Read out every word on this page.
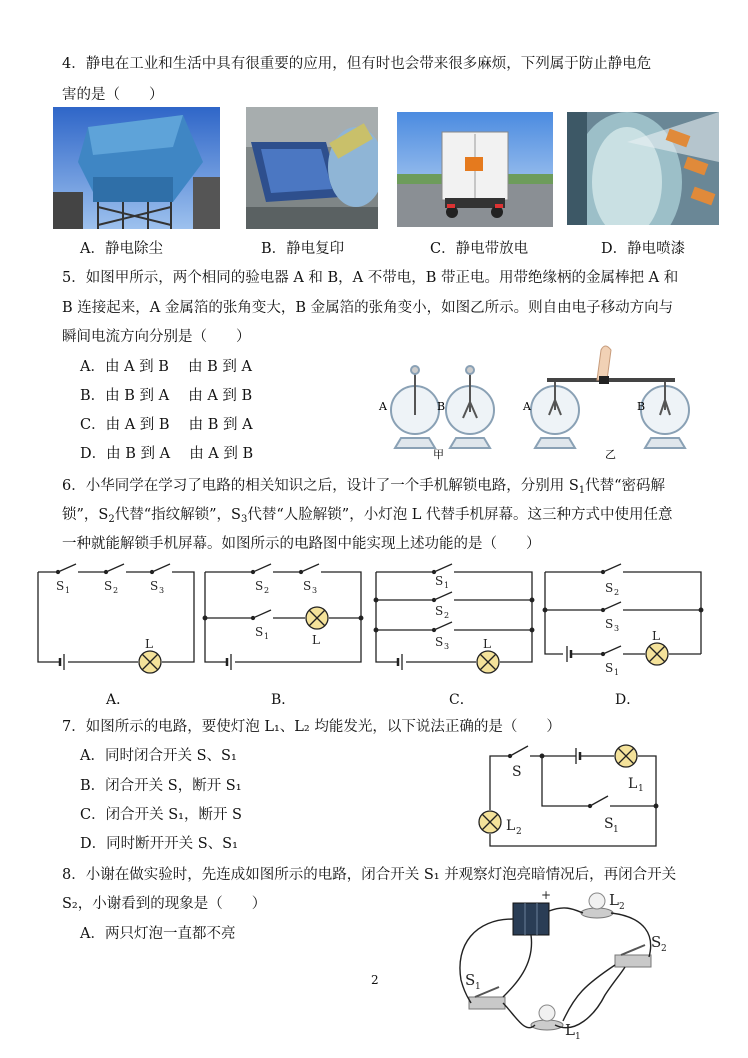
4．静电在工业和生活中具有很重要的应用，但有时也会带来很多麻烦，下列属于防止静电危
害的是（　　）
A．静电除尘	B．静电复印	C．静电带放电	D．静电喷漆
5．如图甲所示，两个相同的验电器 A 和 B，A 不带电，B 带正电。用带绝缘柄的金属棒把 A 和
B 连接起来，A 金属箔的张角变大，B 金属箔的张角变小，如图乙所示。则自由电子移动方向与
瞬间电流方向分别是（　　）
A．由 A 到 B　 由 B 到 A
B．由 B 到 A　 由 A 到 B
C．由 A 到 B　 由 B 到 A
D．由 B 到 A　 由 A 到 B
A	B
甲
A	B
乙
6．小华同学在学习了电路的相关知识之后，设计了一个手机解锁电路，分别用 $S_1$代替“密码解
锁”，$S_2$代替“指纹解锁”，$S_3$代替“人脸解锁”，小灯泡 L 代替手机屏幕。这三种方式中使用任意
一种就能解锁手机屏幕。如图所示的电路图中能实现上述功能的是（　　）
S 1	S 2	S 3
L
S 2	S 3
S 1	L
S 1
S 2
S 3	L
S 2
S 3
S 1
L
A．	B．	C．	D．
7．如图所示的电路，要使灯泡 L₁、L₂ 均能发光，以下说法正确的是（　　）
A．同时闭合开关 S、S₁
B．闭合开关 S，断开 S₁
C．闭合开关 S₁，断开 S
D．同时断开开关 S、S₁
S
L 1
L 2	S 1
8．小谢在做实验时，先连成如图所示的电路，闭合开关 S₁ 并观察灯泡亮暗情况后，再闭合开关
S₂，小谢看到的现象是（　　）
A．两只灯泡一直都不亮
+
S 1
S 2
L 2
L 1
2
